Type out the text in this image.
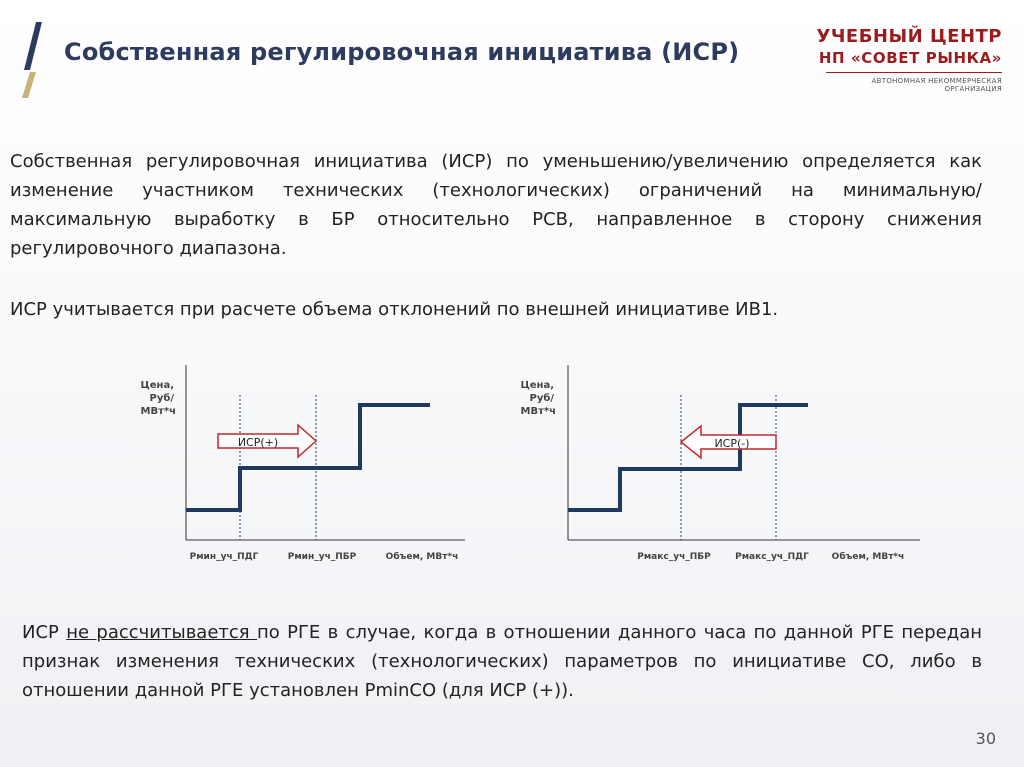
Собственная регулировочная инициатива (ИСР)
УЧЕБНЫЙ ЦЕНТР
НП «СОВЕТ РЫНКА»
АВТОНОМНАЯ НЕКОММЕРЧЕСКАЯ ОРГАНИЗАЦИЯ
Собственная регулировочная инициатива (ИСР) по уменьшению/увеличению определяется как изменение участником технических (технологических) ограничений на минимальную/максимальную выработку в БР относительно РСВ, направленное в сторону снижения регулировочного диапазона.
ИСР учитывается при расчете объема отклонений по внешней инициативе ИВ1.
Цена,
Руб/
МВт*ч
ИСР(+)
Pмин_уч_ПДГ	Pмин_уч_ПБР	Объем, МВт*ч
Цена,
Руб/
МВт*ч
ИСР(-)
Pмакс_уч_ПБР	Pмакс_уч_ПДГ	Объем, МВт*ч
ИСР не рассчитывается по РГЕ в случае, когда в отношении данного часа по данной РГЕ передан признак изменения технических (технологических) параметров по инициативе СО, либо в отношении данной РГЕ установлен PminCO (для ИСР (+)).
30
